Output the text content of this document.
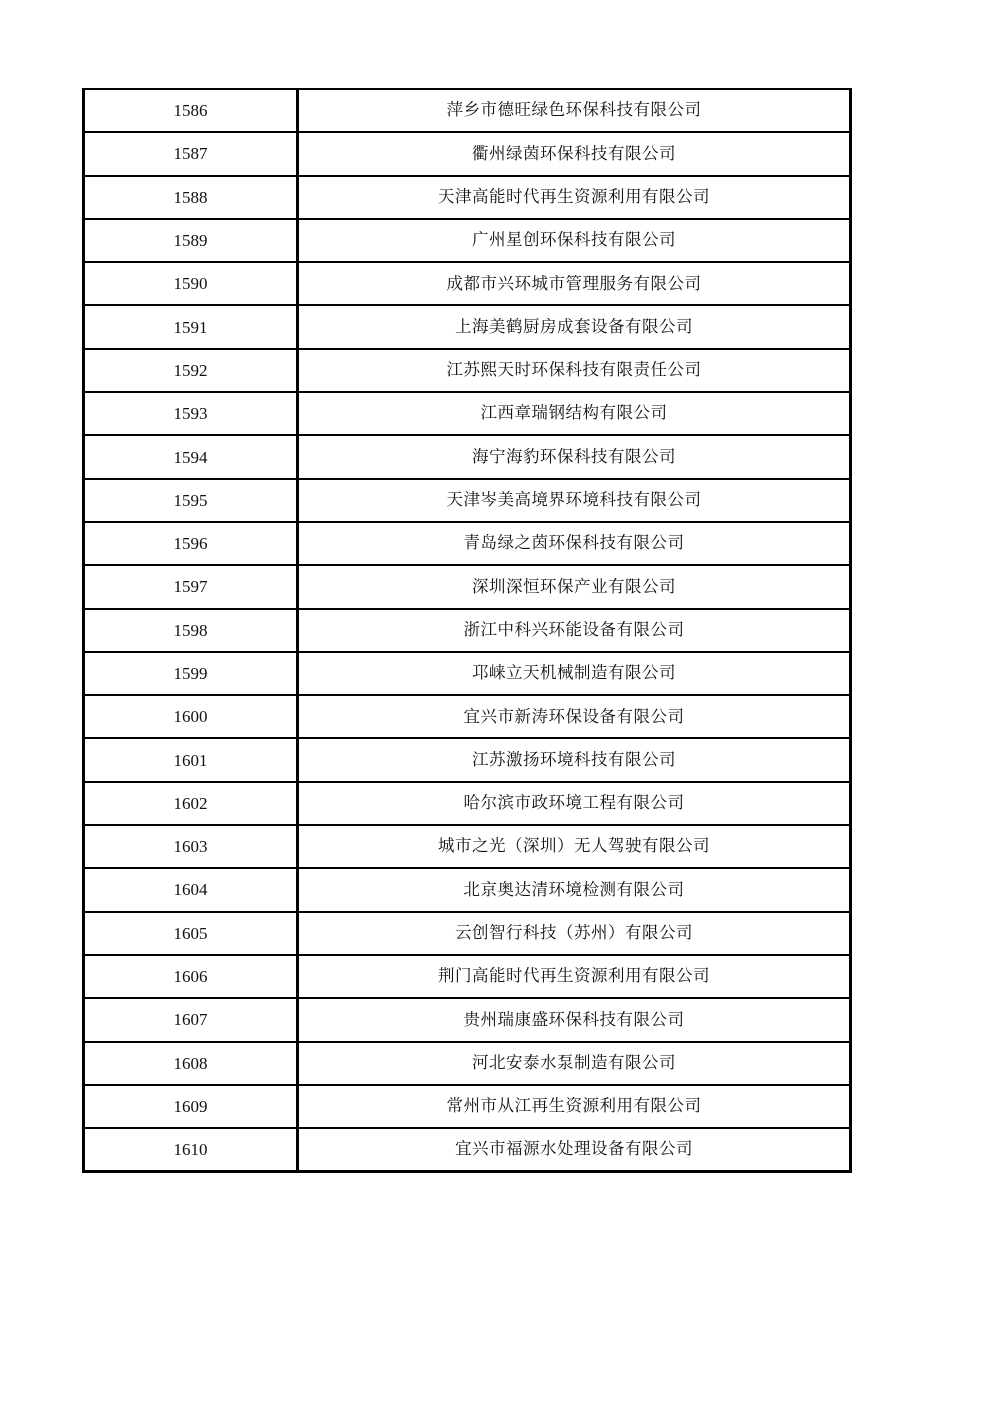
1586	萍乡市德旺绿色环保科技有限公司
1587	衢州绿茵环保科技有限公司
1588	天津高能时代再生资源利用有限公司
1589	广州星创环保科技有限公司
1590	成都市兴环城市管理服务有限公司
1591	上海美鹤厨房成套设备有限公司
1592	江苏熙天时环保科技有限责任公司
1593	江西章瑞钢结构有限公司
1594	海宁海豹环保科技有限公司
1595	天津岑美高境界环境科技有限公司
1596	青岛绿之茵环保科技有限公司
1597	深圳深恒环保产业有限公司
1598	浙江中科兴环能设备有限公司
1599	邛崃立天机械制造有限公司
1600	宜兴市新涛环保设备有限公司
1601	江苏激扬环境科技有限公司
1602	哈尔滨市政环境工程有限公司
1603	城市之光（深圳）无人驾驶有限公司
1604	北京奥达清环境检测有限公司
1605	云创智行科技（苏州）有限公司
1606	荆门高能时代再生资源利用有限公司
1607	贵州瑞康盛环保科技有限公司
1608	河北安泰水泵制造有限公司
1609	常州市从江再生资源利用有限公司
1610	宜兴市福源水处理设备有限公司
